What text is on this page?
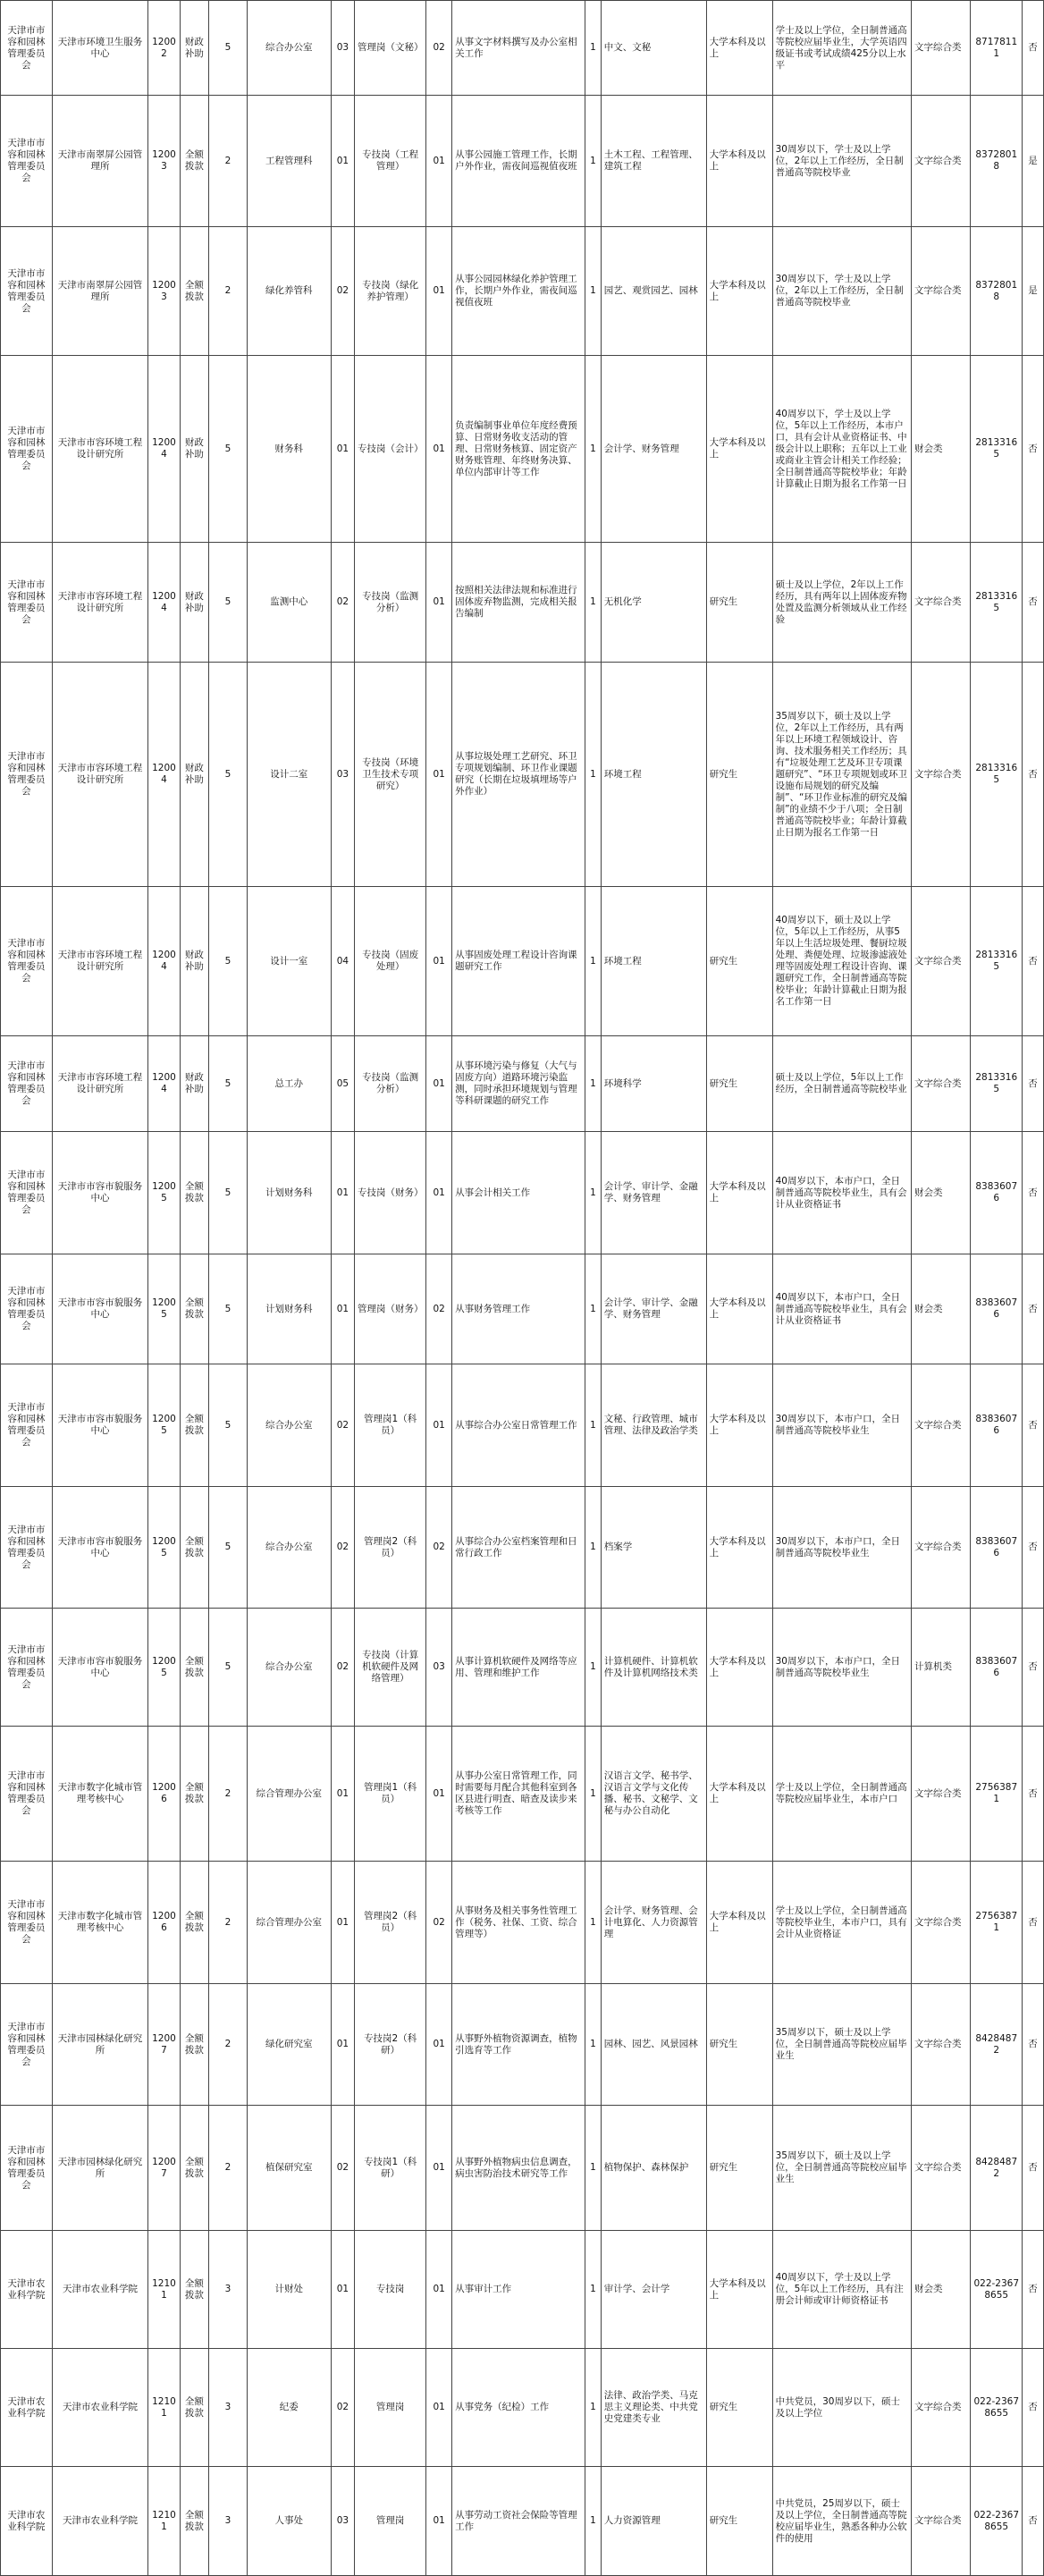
天津市市容和园林管理委员会	天津市环境卫生服务中心	12002	财政补助	5	综合办公室	03	管理岗（文秘）	02	从事文字材料撰写及办公室相关工作	1	中文、文秘	大学本科及以上	学士及以上学位，全日制普通高等院校应届毕业生，大学英语四级证书或考试成绩425分以上水平	文字综合类	87178111	否
天津市市容和园林管理委员会	天津市南翠屏公园管理所	12003	全额拨款	2	工程管理科	01	专技岗（工程管理）	01	从事公园施工管理工作，长期户外作业，需夜间巡视值夜班	1	土木工程、工程管理、建筑工程	大学本科及以上	30周岁以下，学士及以上学位，2年以上工作经历，全日制普通高等院校毕业	文字综合类	83728018	是
天津市市容和园林管理委员会	天津市南翠屏公园管理所	12003	全额拨款	2	绿化养管科	02	专技岗（绿化养护管理）	01	从事公园园林绿化养护管理工作，长期户外作业，需夜间巡视值夜班	1	园艺、观赏园艺、园林	大学本科及以上	30周岁以下，学士及以上学位，2年以上工作经历，全日制普通高等院校毕业	文字综合类	83728018	是
天津市市容和园林管理委员会	天津市市容环境工程设计研究所	12004	财政补助	5	财务科	01	专技岗（会计）	01	负责编制事业单位年度经费预算、日常财务收支活动的管理、日常财务核算、固定资产财务账管理、年终财务决算、单位内部审计等工作	1	会计学、财务管理	大学本科及以上	40周岁以下，学士及以上学位，5年以上工作经历，本市户口，具有会计从业资格证书、中级会计以上职称；五年以上工业或商业主管会计相关工作经验；全日制普通高等院校毕业；年龄计算截止日期为报名工作第一日	财会类	28133165	否
天津市市容和园林管理委员会	天津市市容环境工程设计研究所	12004	财政补助	5	监测中心	02	专技岗（监测分析）	01	按照相关法律法规和标准进行固体废弃物监测，完成相关报告编制	1	无机化学	研究生	硕士及以上学位，2年以上工作经历，具有两年以上固体废弃物处置及监测分析领域从业工作经验	文字综合类	28133165	否
天津市市容和园林管理委员会	天津市市容环境工程设计研究所	12004	财政补助	5	设计二室	03	专技岗（环境卫生技术专项研究）	01	从事垃圾处理工艺研究、环卫专项规划编制、环卫作业课题研究（长期在垃圾填埋场等户外作业）	1	环境工程	研究生	35周岁以下，硕士及以上学位，2年以上工作经历，具有两年以上环境工程领域设计、咨询、技术服务相关工作经历；具有“垃圾处理工艺及环卫专项课题研究”、“环卫专项规划或环卫设施布局规划的研究及编制”、“环卫作业标准的研究及编制”的业绩不少于八项；全日制普通高等院校毕业；年龄计算截止日期为报名工作第一日	文字综合类	28133165	否
天津市市容和园林管理委员会	天津市市容环境工程设计研究所	12004	财政补助	5	设计一室	04	专技岗（固废处理）	01	从事固废处理工程设计咨询课题研究工作	1	环境工程	研究生	40周岁以下，硕士及以上学位，5年以上工作经历，从事5年以上生活垃圾处理、餐厨垃圾处理、粪便处理、垃圾渗滤液处理等固废处理工程设计咨询、课题研究工作，全日制普通高等院校毕业；年龄计算截止日期为报名工作第一日	文字综合类	28133165	否
天津市市容和园林管理委员会	天津市市容环境工程设计研究所	12004	财政补助	5	总工办	05	专技岗（监测分析）	01	从事环境污染与修复（大气与固废方向）道路环境污染监测，同时承担环境规划与管理等科研课题的研究工作	1	环境科学	研究生	硕士及以上学位，5年以上工作经历，全日制普通高等院校毕业	文字综合类	28133165	否
天津市市容和园林管理委员会	天津市市容市貌服务中心	12005	全额拨款	5	计划财务科	01	专技岗（财务）	01	从事会计相关工作	1	会计学、审计学、金融学、财务管理	大学本科及以上	40周岁以下，本市户口，全日制普通高等院校毕业生，具有会计从业资格证书	财会类	83836076	否
天津市市容和园林管理委员会	天津市市容市貌服务中心	12005	全额拨款	5	计划财务科	01	管理岗（财务）	02	从事财务管理工作	1	会计学、审计学、金融学、财务管理	大学本科及以上	40周岁以下，本市户口，全日制普通高等院校毕业生，具有会计从业资格证书	财会类	83836076	否
天津市市容和园林管理委员会	天津市市容市貌服务中心	12005	全额拨款	5	综合办公室	02	管理岗1（科员）	01	从事综合办公室日常管理工作	1	文秘、行政管理、城市管理、法律及政治学类	大学本科及以上	30周岁以下，本市户口，全日制普通高等院校毕业生	文字综合类	83836076	否
天津市市容和园林管理委员会	天津市市容市貌服务中心	12005	全额拨款	5	综合办公室	02	管理岗2（科员）	02	从事综合办公室档案管理和日常行政工作	1	档案学	大学本科及以上	30周岁以下，本市户口，全日制普通高等院校毕业生	文字综合类	83836076	否
天津市市容和园林管理委员会	天津市市容市貌服务中心	12005	全额拨款	5	综合办公室	02	专技岗（计算机软硬件及网络管理）	03	从事计算机软硬件及网络等应用、管理和维护工作	1	计算机硬件、计算机软件及计算机网络技术类	大学本科及以上	30周岁以下，本市户口，全日制普通高等院校毕业生	计算机类	83836076	否
天津市市容和园林管理委员会	天津市数字化城市管理考核中心	12006	全额拨款	2	综合管理办公室	01	管理岗1（科员）	01	从事办公室日常管理工作，同时需要每月配合其他科室到各区县进行明查、暗查及读步来考核等工作	1	汉语言文学、秘书学、汉语言文学与文化传播、秘书、文秘学、文秘与办公自动化	大学本科及以上	学士及以上学位，全日制普通高等院校应届毕业生，本市户口	文字综合类	27563871	否
天津市市容和园林管理委员会	天津市数字化城市管理考核中心	12006	全额拨款	2	综合管理办公室	01	管理岗2（科员）	02	从事财务及相关事务性管理工作（税务、社保、工资、综合管理等）	1	会计学、财务管理、会计电算化、人力资源管理	大学本科及以上	学士及以上学位，全日制普通高等院校毕业生，本市户口，具有会计从业资格证	文字综合类	27563871	否
天津市市容和园林管理委员会	天津市园林绿化研究所	12007	全额拨款	2	绿化研究室	01	专技岗2（科研）	01	从事野外植物资源调查，植物引选育等工作	1	园林、园艺、风景园林	研究生	35周岁以下，硕士及以上学位，全日制普通高等院校应届毕业生	文字综合类	84284872	否
天津市市容和园林管理委员会	天津市园林绿化研究所	12007	全额拨款	2	植保研究室	02	专技岗1（科研）	01	从事野外植物病虫信息调查，病虫害防治技术研究等工作	1	植物保护、森林保护	研究生	35周岁以下，硕士及以上学位，全日制普通高等院校应届毕业生	文字综合类	84284872	否
天津市农业科学院	天津市农业科学院	12101	全额拨款	3	计财处	01	专技岗	01	从事审计工作	1	审计学、会计学	大学本科及以上	40周岁以下，学士及以上学位，5年以上工作经历，具有注册会计师或审计师资格证书	财会类	022-23678655	否
天津市农业科学院	天津市农业科学院	12101	全额拨款	3	纪委	02	管理岗	01	从事党务（纪检）工作	1	法律、政治学类、马克思主义理论类、中共党史党建类专业	研究生	中共党员，30周岁以下，硕士及以上学位	文字综合类	022-23678655	否
天津市农业科学院	天津市农业科学院	12101	全额拨款	3	人事处	03	管理岗	01	从事劳动工资社会保险等管理工作	1	人力资源管理	研究生	中共党员，25周岁以下，硕士及以上学位，全日制普通高等院校应届毕业生，熟悉各种办公软件的使用	文字综合类	022-23678655	否
